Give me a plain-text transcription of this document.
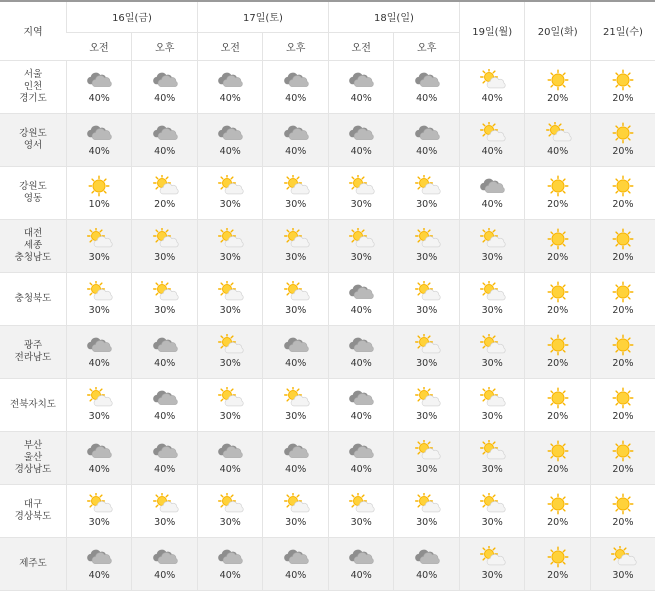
지역	16일(금)		17일(토)		18일(일)		19일(월)	20일(화)	21일(수)
	오전	오후	오전	오후	오전	오후			
서울
인천
경기도	40%	40%	40%	40%	40%	40%	40%	20%	20%

강원도
영서	40%	40%	40%	40%	40%	40%	40%	40%	20%

강원도
영동	10%	20%	30%	30%	30%	30%	40%	20%	20%

대전
세종
충청남도	30%	30%	30%	30%	30%	30%	30%	20%	20%

충청북도	30%	30%	30%	30%	40%	30%	30%	20%	20%

광주
전라남도	40%	40%	30%	40%	40%	30%	30%	20%	20%

전북자치도	30%	40%	30%	30%	40%	30%	30%	20%	20%

부산
울산
경상남도	40%	40%	40%	40%	40%	30%	30%	20%	20%

대구
경상북도	30%	30%	30%	30%	30%	30%	30%	20%	20%

제주도	40%	40%	40%	40%	40%	40%	30%	20%	30%
